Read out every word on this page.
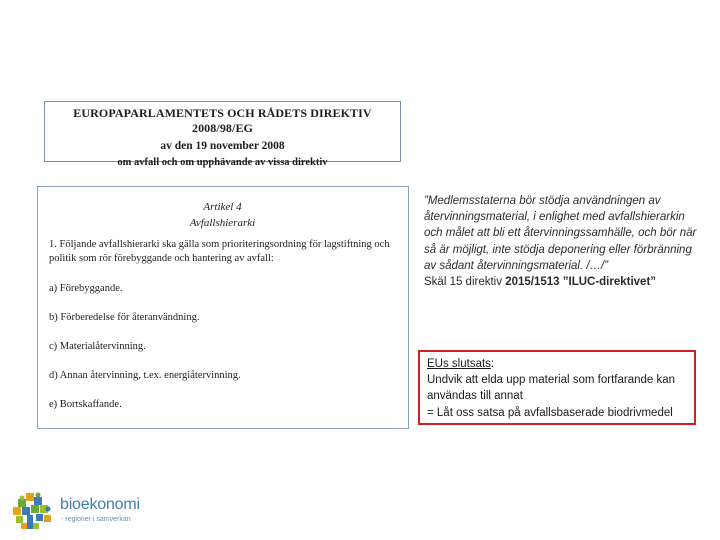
EUROPAPARLAMENTETS OCH RÅDETS DIREKTIV 2008/98/EG
av den 19 november 2008
om avfall och om upphävande av vissa direktiv
Artikel 4
Avfallshierarki
1. Följande avfallshierarki ska gälla som prioriteringsordning för lagstiftning och politik som rör förebyggande och hantering av avfall:
a) Förebyggande.
b) Förberedelse för återanvändning.
c) Materialåtervinning.
d) Annan återvinning, t.ex. energiåtervinning.
e) Bortskaffande.
”Medlemsstaterna bör stödja användningen av återvinningsmaterial, i enlighet med avfallshierarkin och målet att bli ett återvinningssamhälle, och bör när så är möjligt, inte stödja deponering eller förbränning av sådant återvinningsmaterial. /…/”
Skäl 15 direktiv 2015/1513 ”ILUC-direktivet”
EUs slutsats:
Undvik att elda upp material som fortfarande kan användas till annat
= Låt oss satsa på avfallsbaserade biodrivmedel
bioekonomi
- regioner i samverkan
